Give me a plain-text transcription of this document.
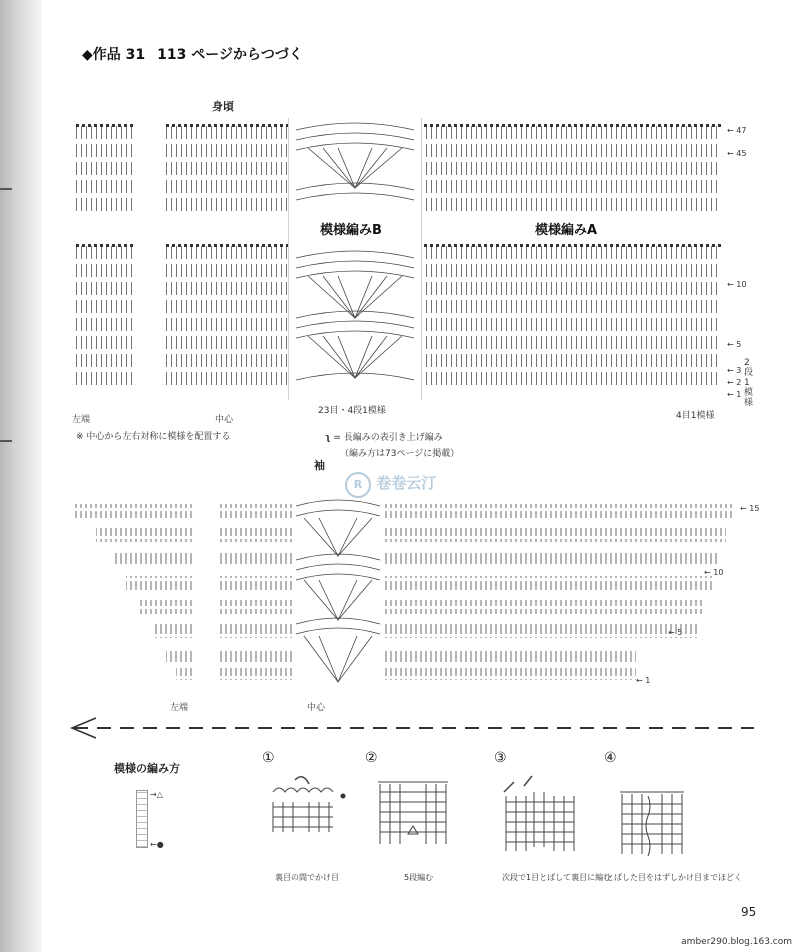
◆作品 31 113 ページからつづく
身頃
模様編みB	模様編みA
← 47
← 45
← 10
← 5
← 3
← 2
← 1
2段1模様
左端	中心
23目・4段1模様	4目1模様
※ 中心から左右対称に模様を配置する	ʅ = 長編みの表引き上げ編み
（編み方は73ページに掲載）
R 卷卷云汀
袖
← 15
← 10
← 5
← 1
左端	中心
模様の編み方
→△
←●
①
裏目の間でかけ目
②
5段編む
③
次段で1目とばして裏目に編む
④
とばした目をはずしかけ目までほどく
95
amber290.blog.163.com
